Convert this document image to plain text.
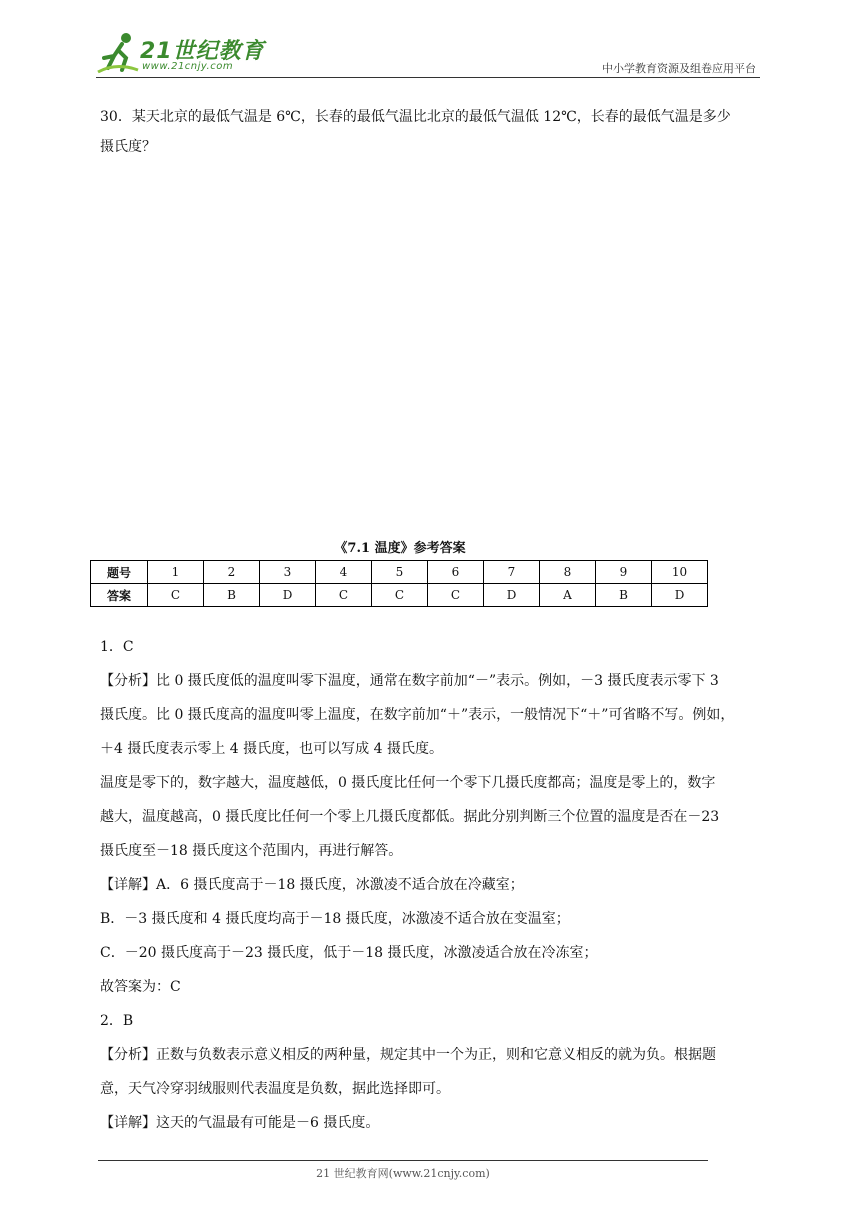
21世纪教育
www.21cnjy.com	中小学教育资源及组卷应用平台
30．某天北京的最低气温是 6℃，长春的最低气温比北京的最低气温低 12℃，长春的最低气温是多少
摄氏度？
《7.1 温度》参考答案
题号	1	2	3	4	5	6	7	8	9	10
答案	C	B	D	C	C	C	D	A	B	D

1．C

【分析】比 0 摄氏度低的温度叫零下温度，通常在数字前加“－”表示。例如，－3 摄氏度表示零下 3

摄氏度。比 0 摄氏度高的温度叫零上温度，在数字前加“＋”表示，一般情况下“＋”可省略不写。例如，

＋4 摄氏度表示零上 4 摄氏度，也可以写成 4 摄氏度。

温度是零下的，数字越大，温度越低，0 摄氏度比任何一个零下几摄氏度都高；温度是零上的，数字

越大，温度越高，0 摄氏度比任何一个零上几摄氏度都低。据此分别判断三个位置的温度是否在－23

摄氏度至－18 摄氏度这个范围内，再进行解答。

【详解】A．6 摄氏度高于－18 摄氏度，冰激凌不适合放在冷藏室；

B．－3 摄氏度和 4 摄氏度均高于－18 摄氏度，冰激凌不适合放在变温室；

C．－20 摄氏度高于－23 摄氏度，低于－18 摄氏度，冰激凌适合放在冷冻室；

故答案为：C

2．B

【分析】正数与负数表示意义相反的两种量，规定其中一个为正，则和它意义相反的就为负。根据题

意，天气冷穿羽绒服则代表温度是负数，据此选择即可。

【详解】这天的气温最有可能是－6 摄氏度。

21 世纪教育网(www.21cnjy.com)
